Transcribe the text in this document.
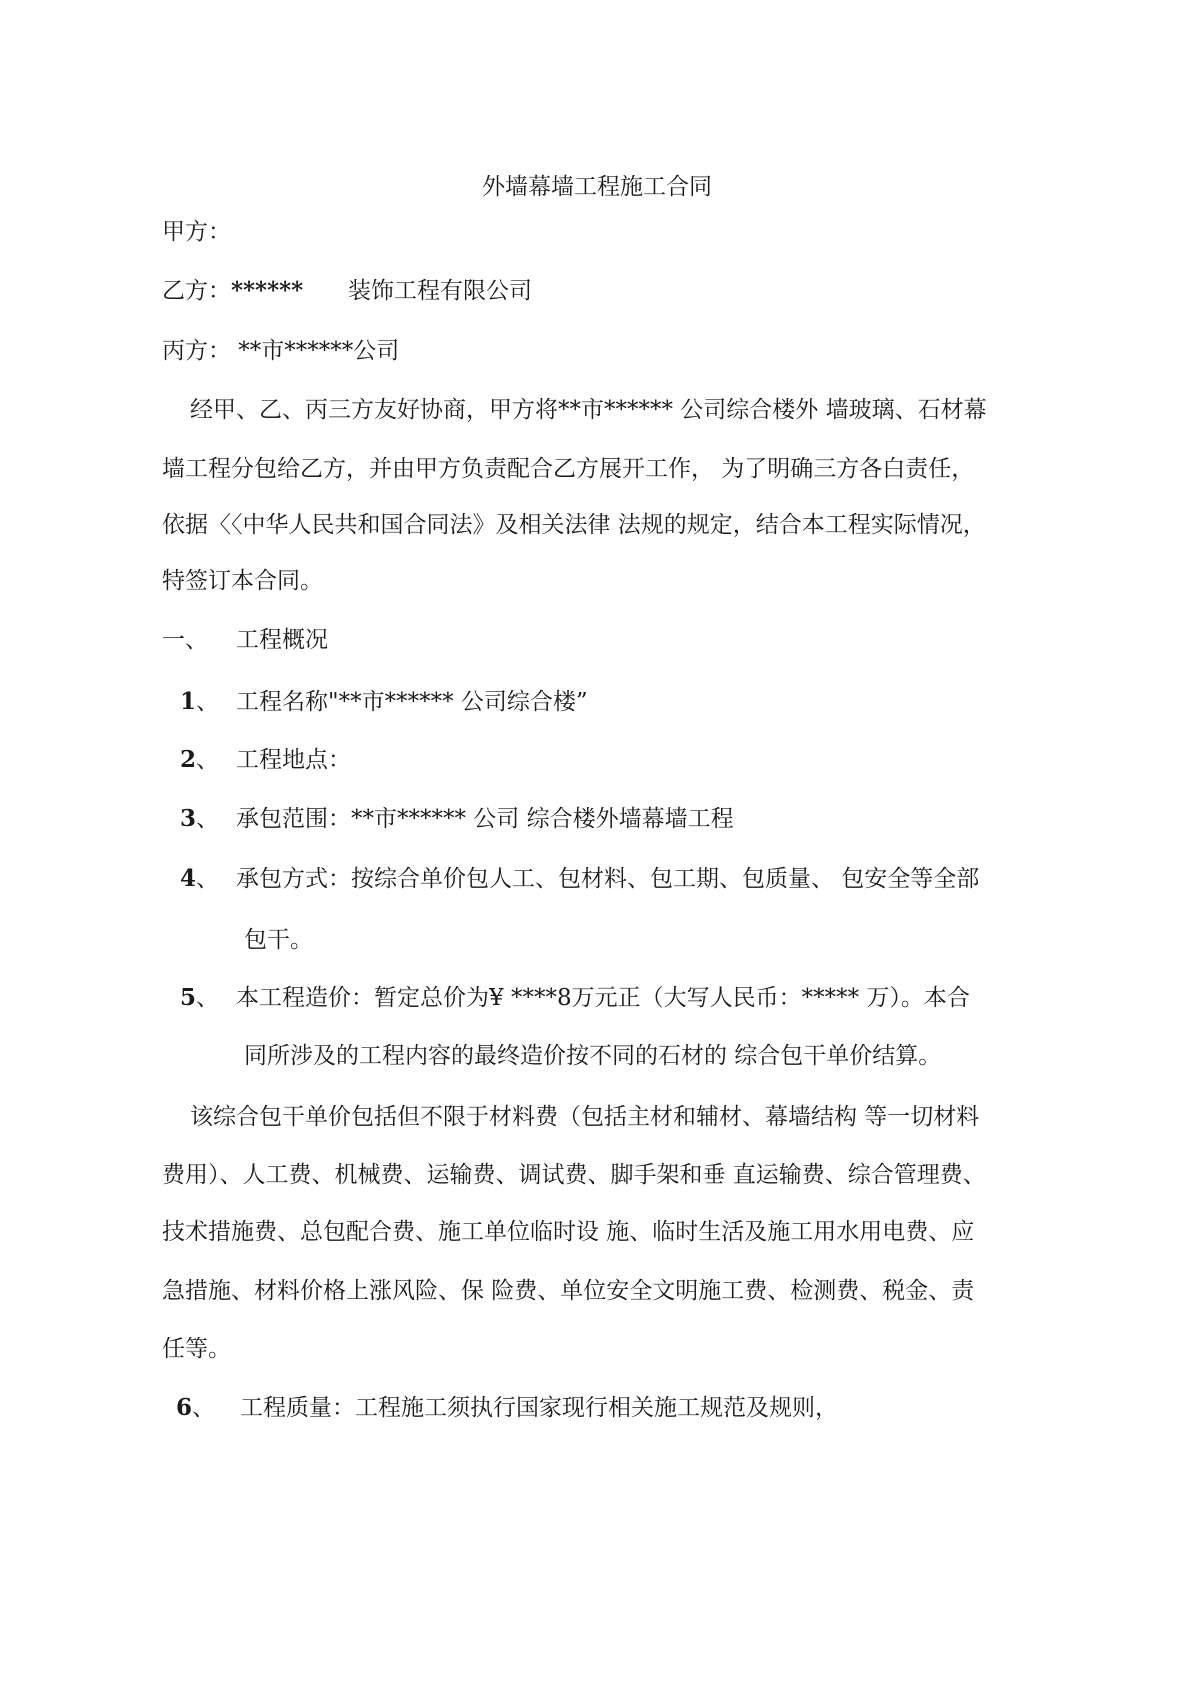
外墙幕墙工程施工合同
甲方：
乙方：****** 装饰工程有限公司
丙方： **市******公司
经甲、乙、丙三方友好协商，甲方将**市****** 公司综合楼外 墙玻璃、石材幕
墙工程分包给乙方，并由甲方负责配合乙方展开工作， 为了明确三方各白责任，
依据〈〈中华人民共和国合同法》及相关法律 法规的规定，结合本工程实际情况，
特签订本合同。
一、 工程概况
1、 工程名称"**市****** 公司综合楼”
2、 工程地点：
3、 承包范围：**市****** 公司 综合楼外墙幕墙工程
4、 承包方式：按综合单价包人工、包材料、包工期、包质量、 包安全等全部
包干。
5、 本工程造价：暂定总价为¥ ****8万元正（大写人民币：***** 万）。本合
同所涉及的工程内容的最终造价按不同的石材的 综合包干单价结算。
该综合包干单价包括但不限于材料费（包括主材和辅材、幕墙结构 等一切材料
费用）、人工费、机械费、运输费、调试费、脚手架和垂 直运输费、综合管理费、
技术措施费、总包配合费、施工单位临时设 施、临时生活及施工用水用电费、应
急措施、材料价格上涨风险、保 险费、单位安全文明施工费、检测费、税金、责
任等。
6、 工程质量：工程施工须执行国家现行相关施工规范及规则，
